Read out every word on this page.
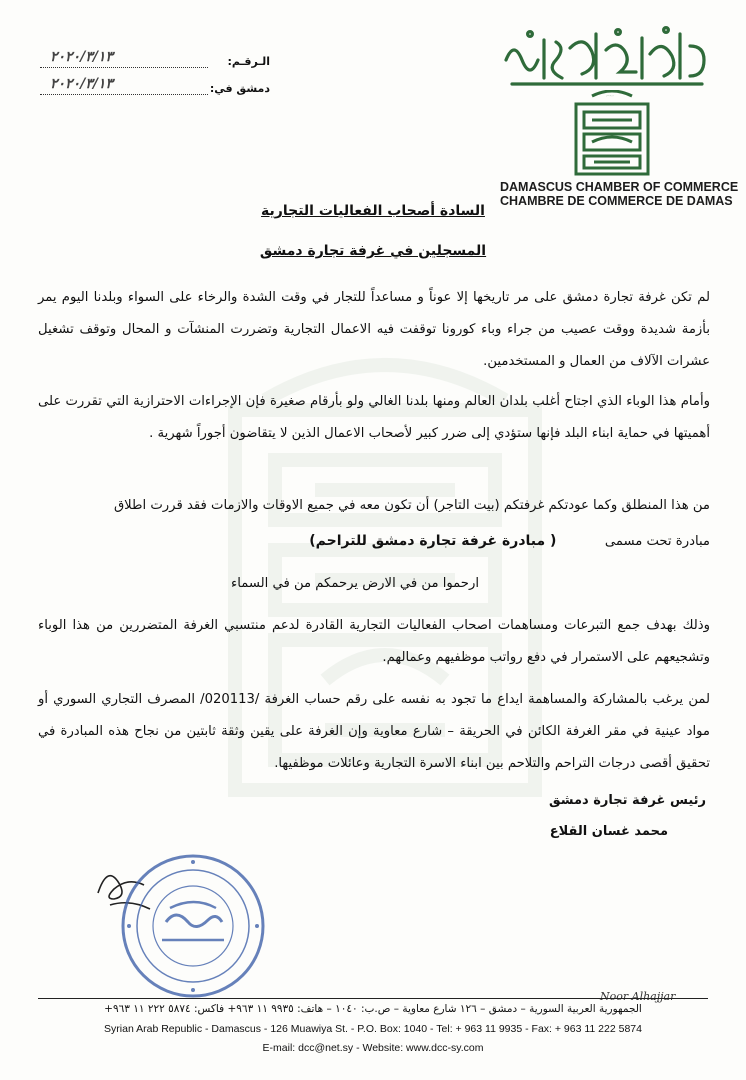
غرفة تجارة دمشق
DAMASCUS CHAMBER OF COMMERCE
CHAMBRE DE COMMERCE DE DAMAS
الـرقـم:
٢٠٢٠/٣/١٣
دمشق في:
٢٠٢٠/٣/١٣
السادة أصحاب الفعاليات التجارية
المسجلين في غرفة تجارة دمشق
لم تكن غرفة تجارة دمشق على مر تاريخها إلا عوناً و مساعداً للتجار في وقت الشدة والرخاء على السواء وبلدنا اليوم يمر بأزمة شديدة ووقت عصيب من جراء وباء كورونا توقفت فيه الاعمال التجارية وتضررت المنشآت و المحال وتوقف تشغيل عشرات الآلاف من العمال و المستخدمين.
وأمام هذا الوباء الذي اجتاح أغلب بلدان العالم ومنها بلدنا الغالي ولو بأرقام صغيرة فإن الإجراءات الاحترازية التي تقررت على أهميتها في حماية ابناء البلد فإنها ستؤدي إلى ضرر كبير لأصحاب الاعمال الذين لا يتقاضون أجوراً شهرية .
من هذا المنطلق وكما عودتكم غرفتكم (بيت التاجر) أن تكون معه في جميع الاوقات والازمات فقد قررت اطلاق
مبادرة تحت مسمى  ( مبادرة غرفة تجارة دمشق للتراحم)
ارحموا من في الارض يرحمكم من في السماء
وذلك بهدف جمع التبرعات ومساهمات اصحاب الفعاليات التجارية القادرة لدعم منتسبي الغرفة المتضررين من هذا الوباء وتشجيعهم على الاستمرار في دفع رواتب موظفيهم وعمالهم.
لمن يرغب بالمشاركة والمساهمة ايداع ما تجود به نفسه على رقم حساب الغرفة /020113/ المصرف التجاري السوري أو مواد عينية في مقر الغرفة الكائن في الحريقة – شارع معاوية وإن الغرفة على يقين وثقة ثابتين من نجاح هذه المبادرة في تحقيق أقصى درجات التراحم والتلاحم بين ابناء الاسرة التجارية وعائلات موظفيها.
رئيس غرفة تجارة دمشق
محمد غسان القلاع
Noor Alhajjar
الجمهورية العربية السورية – دمشق – ١٢٦ شارع معاوية – ص.ب: ١٠٤٠ – هاتف: ٩٩٣٥ ١١ ٩٦٣+ فاكس: ٥٨٧٤ ٢٢٢ ١١ ٩٦٣+
Syrian Arab Republic - Damascus - 126 Muawiya St. - P.O. Box: 1040 - Tel: + 963 11 9935 - Fax: + 963 11 222 5874
E-mail: dcc@net.sy - Website: www.dcc-sy.com
